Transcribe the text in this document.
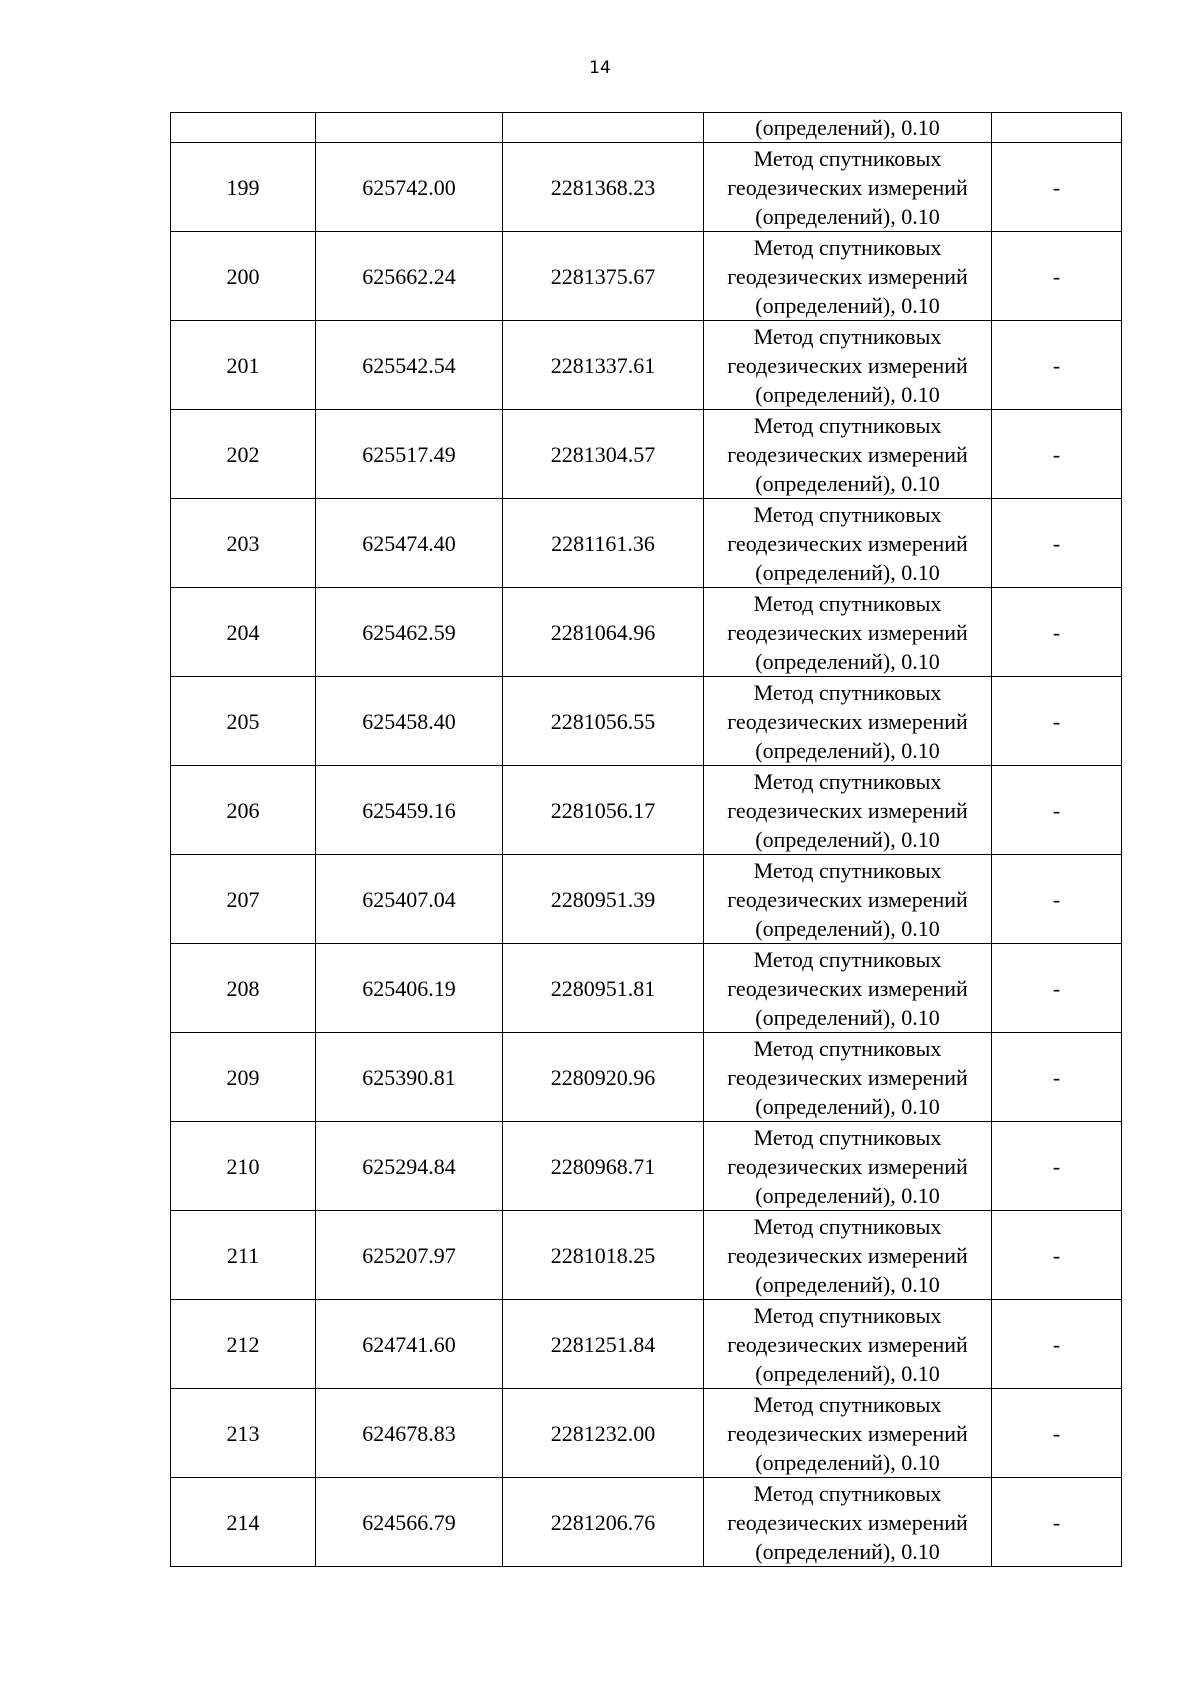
14
			(определений), 0.10	
199	625742.00	2281368.23	Метод спутниковых
геодезических измерений
(определений), 0.10	-
200	625662.24	2281375.67	Метод спутниковых
геодезических измерений
(определений), 0.10	-
201	625542.54	2281337.61	Метод спутниковых
геодезических измерений
(определений), 0.10	-
202	625517.49	2281304.57	Метод спутниковых
геодезических измерений
(определений), 0.10	-
203	625474.40	2281161.36	Метод спутниковых
геодезических измерений
(определений), 0.10	-
204	625462.59	2281064.96	Метод спутниковых
геодезических измерений
(определений), 0.10	-
205	625458.40	2281056.55	Метод спутниковых
геодезических измерений
(определений), 0.10	-
206	625459.16	2281056.17	Метод спутниковых
геодезических измерений
(определений), 0.10	-
207	625407.04	2280951.39	Метод спутниковых
геодезических измерений
(определений), 0.10	-
208	625406.19	2280951.81	Метод спутниковых
геодезических измерений
(определений), 0.10	-
209	625390.81	2280920.96	Метод спутниковых
геодезических измерений
(определений), 0.10	-
210	625294.84	2280968.71	Метод спутниковых
геодезических измерений
(определений), 0.10	-
211	625207.97	2281018.25	Метод спутниковых
геодезических измерений
(определений), 0.10	-
212	624741.60	2281251.84	Метод спутниковых
геодезических измерений
(определений), 0.10	-
213	624678.83	2281232.00	Метод спутниковых
геодезических измерений
(определений), 0.10	-
214	624566.79	2281206.76	Метод спутниковых
геодезических измерений
(определений), 0.10	-
